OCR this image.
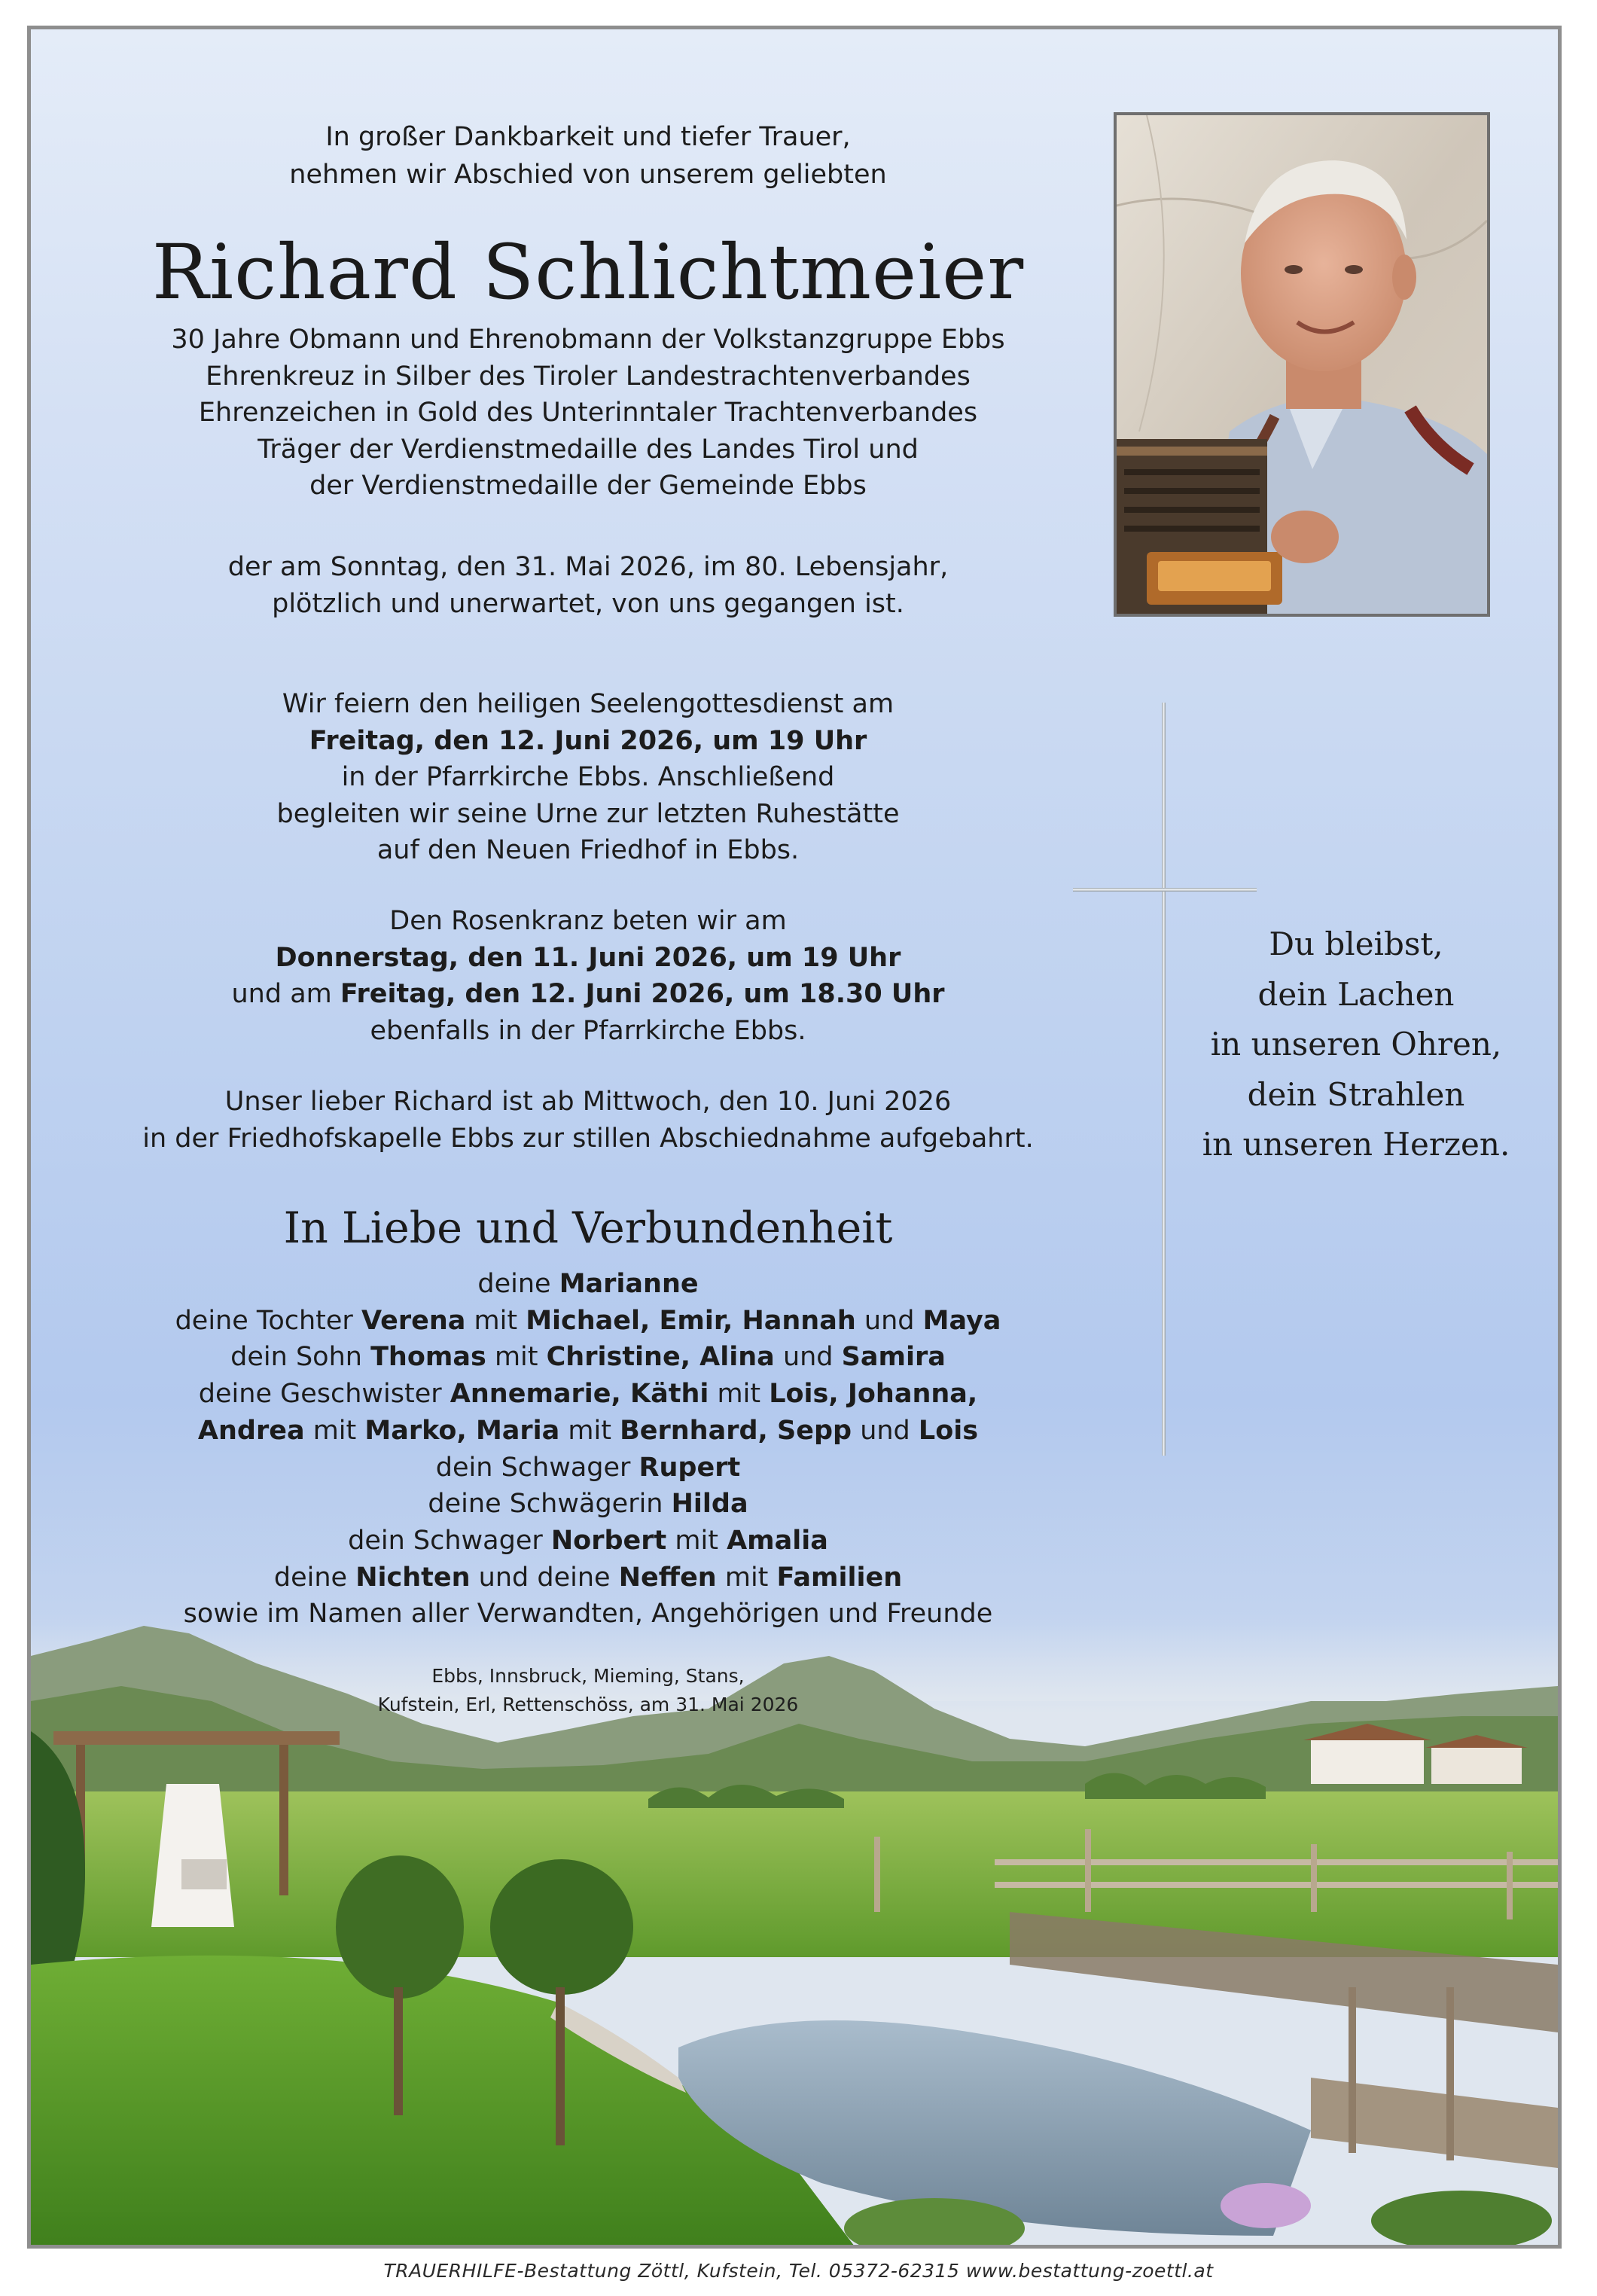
In großer Dankbarkeit und tiefer Trauer,
nehmen wir Abschied von unserem geliebten
Richard Schlichtmeier
30 Jahre Obmann und Ehrenobmann der Volkstanzgruppe Ebbs
Ehrenkreuz in Silber des Tiroler Landestrachtenverbandes
Ehrenzeichen in Gold des Unterinntaler Trachtenverbandes
Träger der Verdienstmedaille des Landes Tirol und
der Verdienstmedaille der Gemeinde Ebbs
der am Sonntag, den 31. Mai 2026, im 80. Lebensjahr,
plötzlich und unerwartet, von uns gegangen ist.
Wir feiern den heiligen Seelengottesdienst am
Freitag, den 12. Juni 2026, um 19 Uhr
in der Pfarrkirche Ebbs. Anschließend
begleiten wir seine Urne zur letzten Ruhestätte
auf den Neuen Friedhof in Ebbs.
Den Rosenkranz beten wir am
Donnerstag, den 11. Juni 2026, um 19 Uhr
und am Freitag, den 12. Juni 2026, um 18.30 Uhr
ebenfalls in der Pfarrkirche Ebbs.
Unser lieber Richard ist ab Mittwoch, den 10. Juni 2026
in der Friedhofskapelle Ebbs zur stillen Abschiednahme aufgebahrt.
In Liebe und Verbundenheit
deine Marianne
deine Tochter Verena mit Michael, Emir, Hannah und Maya
dein Sohn Thomas mit Christine, Alina und Samira
deine Geschwister Annemarie, Käthi mit Lois, Johanna,
Andrea mit Marko, Maria mit Bernhard, Sepp und Lois
dein Schwager Rupert
deine Schwägerin Hilda
dein Schwager Norbert mit Amalia
deine Nichten und deine Neffen mit Familien
sowie im Namen aller Verwandten, Angehörigen und Freunde
Ebbs, Innsbruck, Mieming, Stans,
Kufstein, Erl, Rettenschöss, am 31. Mai 2026
Du bleibst,
dein Lachen
in unseren Ohren,
dein Strahlen
in unseren Herzen.
TRAUERHILFE-Bestattung Zöttl, Kufstein, Tel. 05372-62315 www.bestattung-zoettl.at
